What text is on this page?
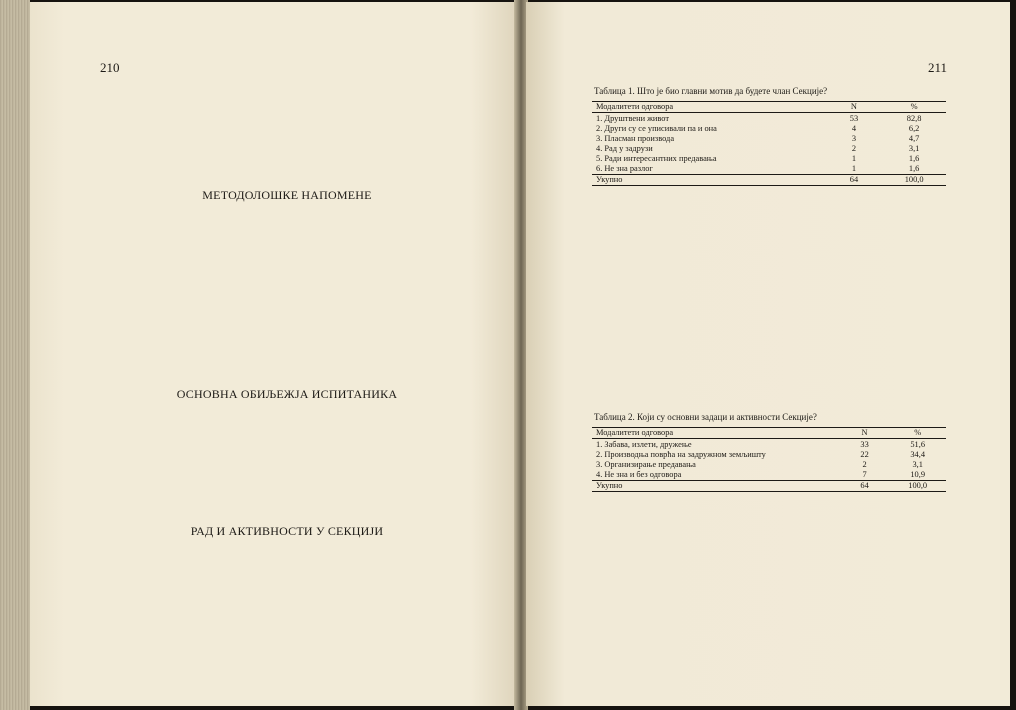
210
МЕТОДОЛОШКЕ НАПОМЕНЕ
ОСНОВНА ОБИЉЕЖЈА ИСПИТАНИКА
РАД И АКТИВНОСТИ У СЕКЦИЈИ
211
Таблица 1. Што је био главни мотив да будете члан Секције?
Модалитети одговора	N	%
1. Друштвени живот	53	82,8
2. Други су се уписивали па и она	4	6,2
3. Пласман производа	3	4,7
4. Рад у задрузи	2	3,1
5. Ради интересантних предавања	1	1,6
6. Не зна разлог	1	1,6
Укупно	64	100,0
Таблица 2. Који су основни задаци и активности Секције?
Модалитети одговора	N	%
1. Забава, излети, дружење	33	51,6
2. Производња поврћа на задружном земљишту	22	34,4
3. Организирање предавања	2	3,1
4. Не зна и без одговора	7	10,9
Укупно	64	100,0
